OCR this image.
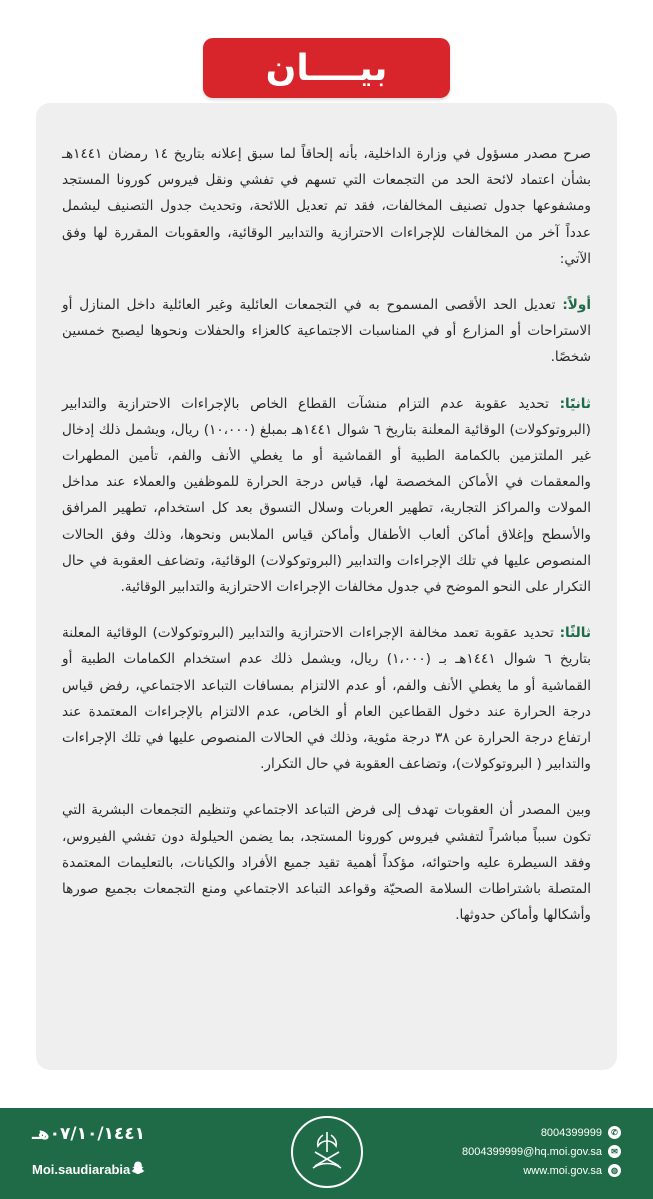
بيــــان

صرح مصدر مسؤول في وزارة الداخلية، بأنه إلحاقاً لما سبق إعلانه بتاريخ ١٤ رمضان ١٤٤١هـ بشأن اعتماد لائحة الحد من التجمعات التي تسهم في تفشي ونقل فيروس كورونا المستجد ومشفوعها جدول تصنيف المخالفات، فقد تم تعديل اللائحة، وتحديث جدول التصنيف ليشمل عدداً آخر من المخالفات للإجراءات الاحترازية والتدابير الوقائية، والعقوبات المقررة لها وفق الآتي:

أولاً: تعديل الحد الأقصى المسموح به في التجمعات العائلية وغير العائلية داخل المنازل أو الاستراحات أو المزارع أو في المناسبات الاجتماعية كالعزاء والحفلات ونحوها ليصبح خمسين شخصًا.

ثانيًا: تحديد عقوبة عدم التزام منشآت القطاع الخاص بالإجراءات الاحترازية والتدابير (البروتوكولات) الوقائية المعلنة بتاريخ ٦ شوال ١٤٤١هـ بمبلغ (١٠،٠٠٠) ريال، ويشمل ذلك إدخال غير الملتزمين بالكمامة الطبية أو القماشية أو ما يغطي الأنف والفم، تأمين المطهرات والمعقمات في الأماكن المخصصة لها، قياس درجة الحرارة للموظفين والعملاء عند مداخل المولات والمراكز التجارية، تطهير العربات وسلال التسوق بعد كل استخدام، تطهير المرافق والأسطح وإغلاق أماكن ألعاب الأطفال وأماكن قياس الملابس ونحوها، وذلك وفق الحالات المنصوص عليها في تلك الإجراءات والتدابير (البروتوكولات) الوقائية، وتضاعف العقوبة في حال التكرار على النحو الموضح في جدول مخالفات الإجراءات الاحترازية والتدابير الوقائية.

ثالثًا: تحديد عقوبة تعمد مخالفة الإجراءات الاحترازية والتدابير (البروتوكولات) الوقائية المعلنة بتاريخ ٦ شوال ١٤٤١هـ بـ (١،٠٠٠) ريال، ويشمل ذلك عدم استخدام الكمامات الطبية أو القماشية أو ما يغطي الأنف والفم، أو عدم الالتزام بمسافات التباعد الاجتماعي، رفض قياس درجة الحرارة عند دخول القطاعين العام أو الخاص، عدم الالتزام بالإجراءات المعتمدة عند ارتفاع درجة الحرارة عن ٣٨ درجة مئوية، وذلك في الحالات المنصوص عليها في تلك الإجراءات والتدابير ( البروتوكولات)، وتضاعف العقوبة في حال التكرار.

وبين المصدر أن العقوبات تهدف إلى فرض التباعد الاجتماعي وتنظيم التجمعات البشرية التي تكون سبباً مباشراً لتفشي فيروس كورونا المستجد، بما يضمن الحيلولة دون تفشي الفيروس، وفقد السيطرة عليه واحتوائه، مؤكداً أهمية تقيد جميع الأفراد والكيانات، بالتعليمات المعتمدة المتصلة باشتراطات السلامة الصحيّة وقواعد التباعد الاجتماعي ومنع التجمعات بجميع صورها وأشكالها وأماكن حدوثها.

٠٧/١٠/١٤٤١هـ
Moi.saudiarabia
8004399999	✆
8004399999@hq.moi.gov.sa	✉
www.moi.gov.sa	◍
